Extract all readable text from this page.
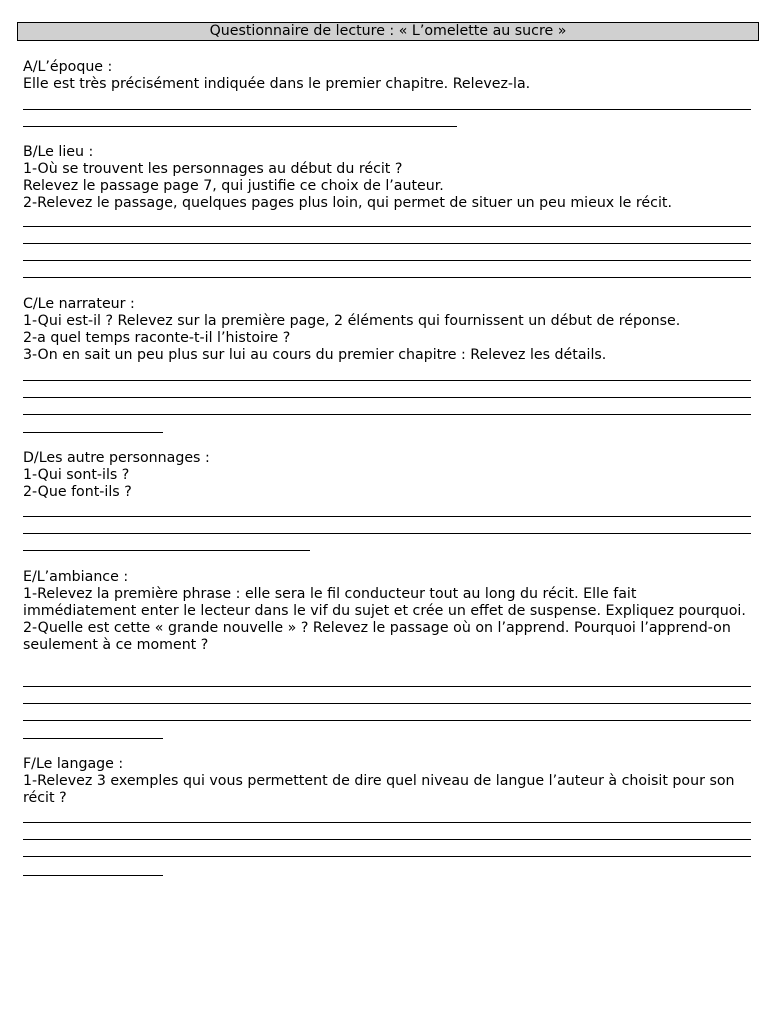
Questionnaire de lecture : « L’omelette au sucre »
A/L’époque :
Elle est très précisément indiquée dans le premier chapitre. Relevez-la.
B/Le lieu :
1-Où se trouvent les personnages au début du récit ?
Relevez le passage page 7, qui justifie ce choix de l’auteur.
2-Relevez le passage, quelques pages plus loin, qui permet de situer un peu mieux le récit.
C/Le narrateur :
1-Qui est-il ? Relevez sur la première page, 2 éléments qui fournissent un début de réponse.
2-a quel temps raconte-t-il l’histoire ?
3-On en sait un peu plus sur lui au cours du premier chapitre : Relevez les détails.
D/Les autre personnages :
1-Qui sont-ils ?
2-Que font-ils ?
E/L’ambiance :
1-Relevez la première phrase : elle sera le fil conducteur tout au long du récit. Elle fait immédiatement enter le lecteur dans le vif du sujet et crée un effet de suspense. Expliquez pourquoi.
2-Quelle est cette « grande nouvelle » ? Relevez le passage où on l’apprend. Pourquoi l’apprend-on seulement à ce moment ?
F/Le langage :
1-Relevez 3 exemples qui vous permettent de dire quel niveau de langue l’auteur à choisit pour son récit ?
